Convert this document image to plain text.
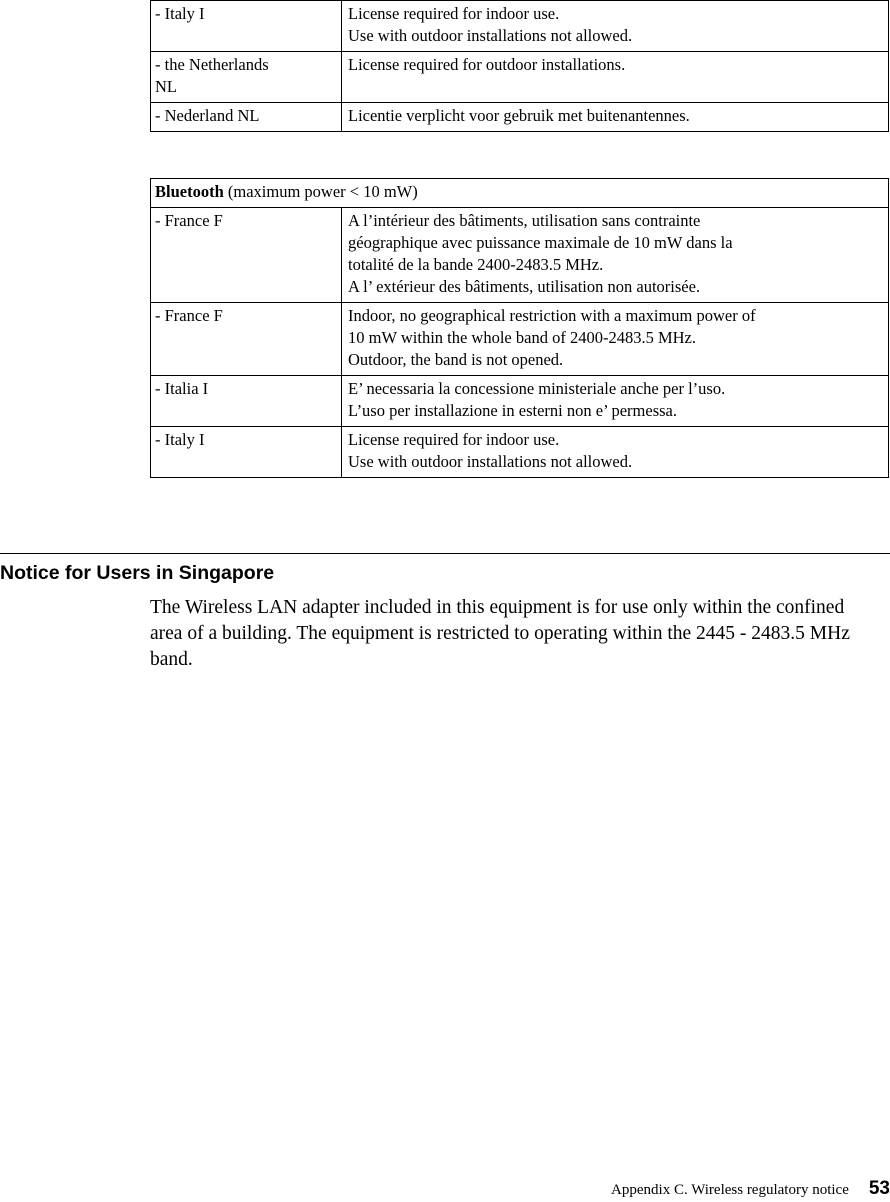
- Italy I	License required for indoor use.
Use with outdoor installations not allowed.

- the Netherlands
NL	License required for outdoor installations.

- Nederland NL	Licentie verplicht voor gebruik met buitenantennes.
Bluetooth (maximum power < 10 mW)	
- France F	A l’intérieur des bâtiments, utilisation sans contrainte
géographique avec puissance maximale de 10 mW dans la
totalité de la bande 2400-2483.5 MHz.
A l’ extérieur des bâtiments, utilisation non autorisée.

- France F	Indoor, no geographical restriction with a maximum power of
10 mW within the whole band of 2400-2483.5 MHz.
Outdoor, the band is not opened.

- Italia I	E’ necessaria la concessione ministeriale anche per l’uso.
L’uso per installazione in esterni non e’ permessa.

- Italy I	License required for indoor use.
Use with outdoor installations not allowed.
Notice for Users in Singapore

The Wireless LAN adapter included in this equipment is for use only within the confined area of a building. The equipment is restricted to operating within the 2445 - 2483.5 MHz band.

Appendix C. Wireless regulatory notice 53
